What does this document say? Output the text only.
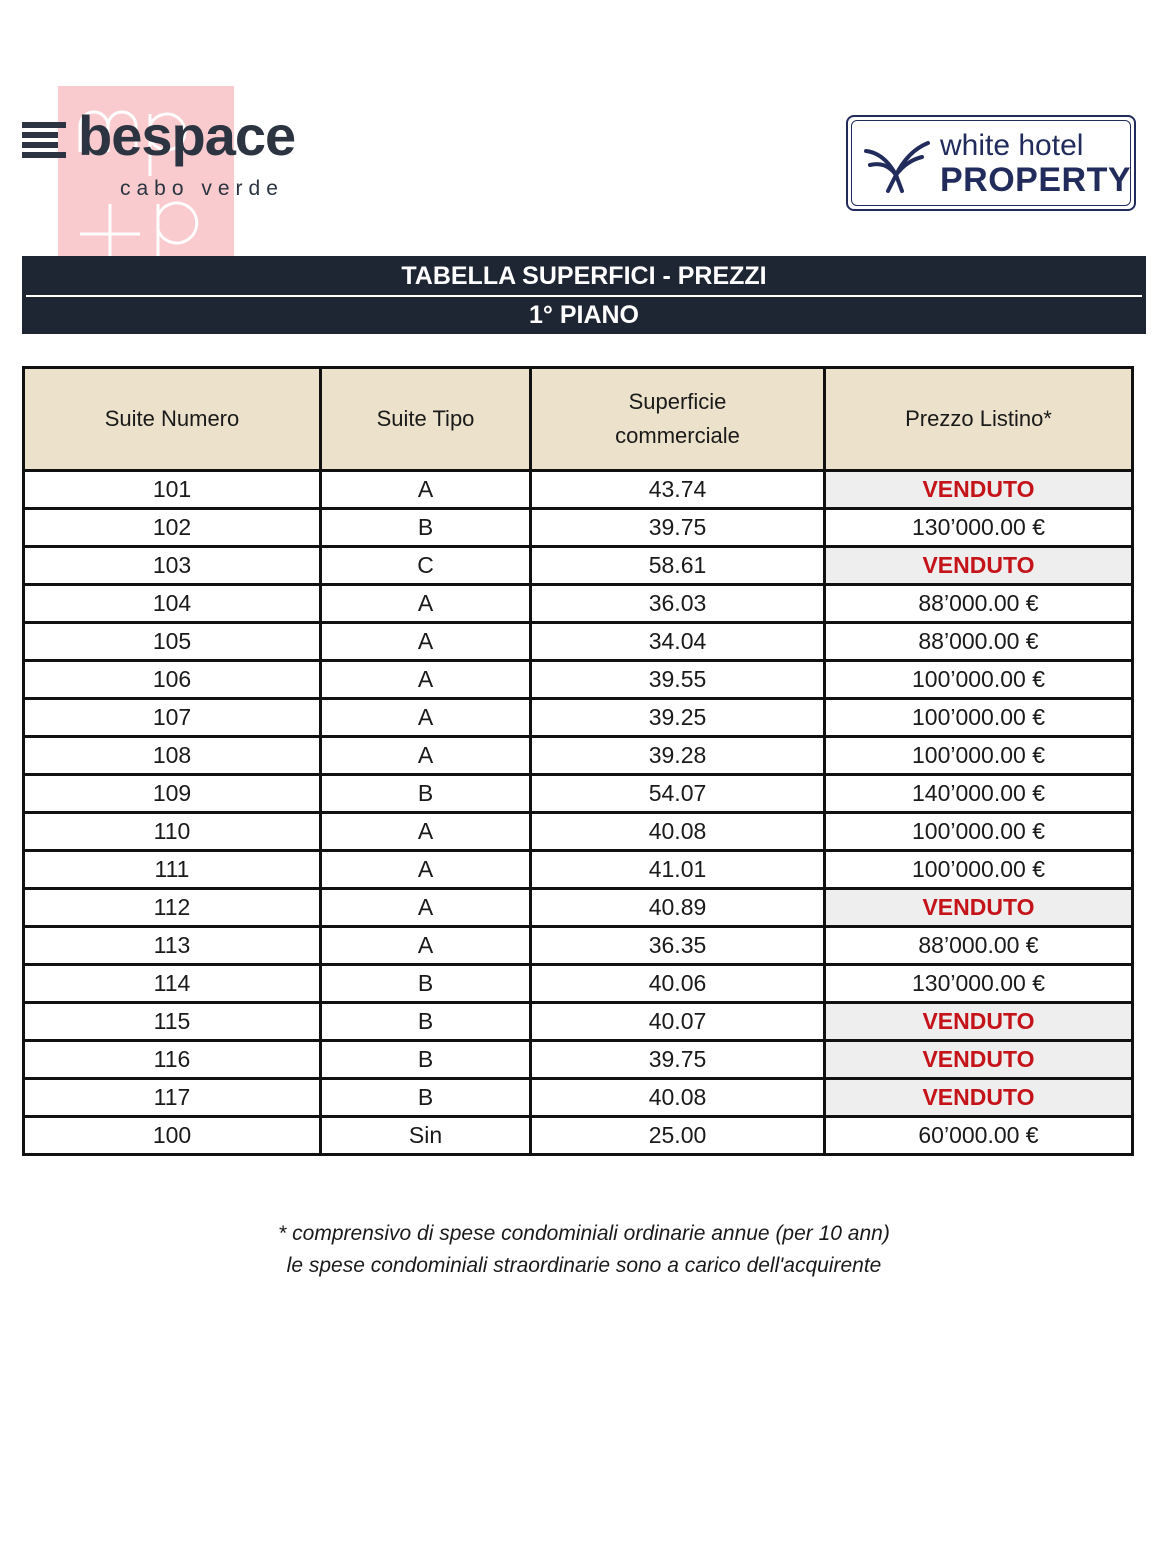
bespace
cabo verde
white hotel
PROPERTY
TABELLA SUPERFICI - PREZZI
1° PIANO
Suite Numero	Suite Tipo	Superficie commerciale	Prezzo Listino*
101	A	43.74	VENDUTO
102	B	39.75	130’000.00 €
103	C	58.61	VENDUTO
104	A	36.03	88’000.00 €
105	A	34.04	88’000.00 €
106	A	39.55	100’000.00 €
107	A	39.25	100’000.00 €
108	A	39.28	100’000.00 €
109	B	54.07	140’000.00 €
110	A	40.08	100’000.00 €
111	A	41.01	100’000.00 €
112	A	40.89	VENDUTO
113	A	36.35	88’000.00 €
114	B	40.06	130’000.00 €
115	B	40.07	VENDUTO
116	B	39.75	VENDUTO
117	B	40.08	VENDUTO
100	Sin	25.00	60’000.00 €
* comprensivo di spese condominiali ordinarie annue (per 10 ann)
le spese condominiali straordinarie sono a carico dell'acquirente
